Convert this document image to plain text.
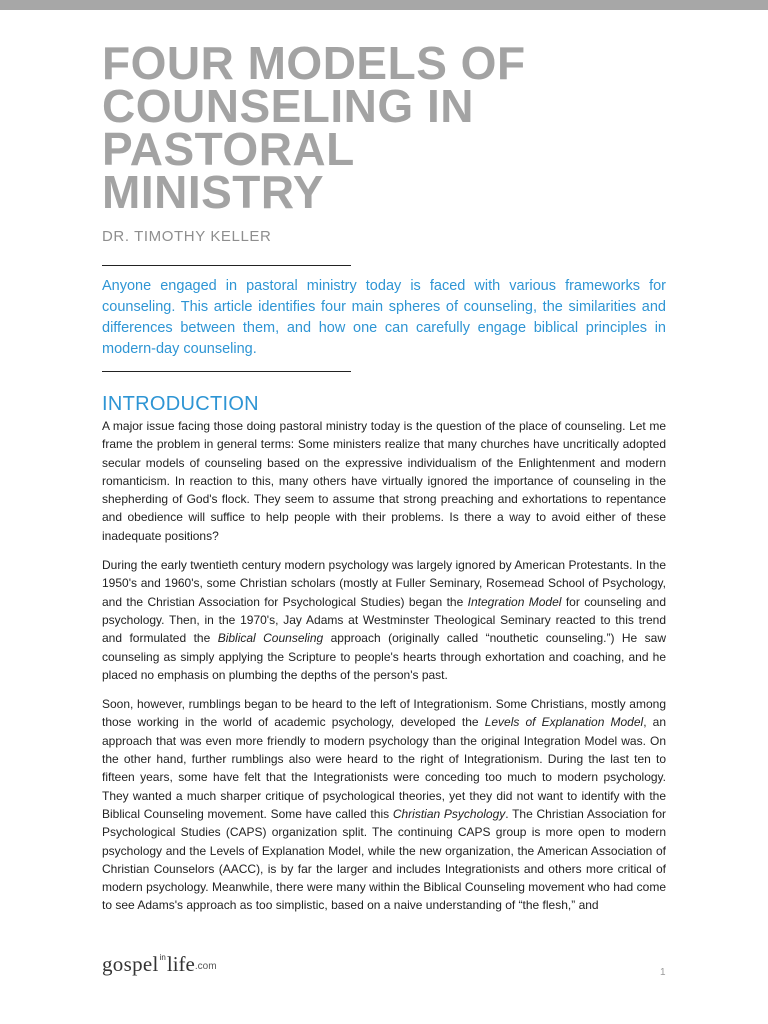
FOUR MODELS OF
COUNSELING IN
PASTORAL
MINISTRY
DR. TIMOTHY KELLER

Anyone engaged in pastoral ministry today is faced with various frameworks for counseling. This article identifies four main spheres of counseling, the similarities and differences between them, and how one can carefully engage biblical principles in modern-day counseling.

INTRODUCTION

A major issue facing those doing pastoral ministry today is the question of the place of counseling. Let me frame the problem in general terms: Some ministers realize that many churches have uncritically adopted secular models of counseling based on the expressive individualism of the Enlightenment and modern romanticism. In reaction to this, many others have virtually ignored the importance of counseling in the shepherding of God's flock. They seem to assume that strong preaching and exhortations to repentance and obedience will suffice to help people with their problems. Is there a way to avoid either of these inadequate positions?

During the early twentieth century modern psychology was largely ignored by American Protestants. In the 1950's and 1960's, some Christian scholars (mostly at Fuller Seminary, Rosemead School of Psychology, and the Christian Association for Psychological Studies) began the Integration Model for counseling and psychology. Then, in the 1970's, Jay Adams at Westminster Theological Seminary reacted to this trend and formulated the Biblical Counseling approach (originally called “nouthetic counseling.”) He saw counseling as simply applying the Scripture to people's hearts through exhortation and coaching, and he placed no emphasis on plumbing the depths of the person's past.

Soon, however, rumblings began to be heard to the left of Integrationism. Some Christians, mostly among those working in the world of academic psychology, developed the Levels of Explanation Model, an approach that was even more friendly to modern psychology than the original Integration Model was. On the other hand, further rumblings also were heard to the right of Integrationism. During the last ten to fifteen years, some have felt that the Integrationists were conceding too much to modern psychology. They wanted a much sharper critique of psychological theories, yet they did not want to identify with the Biblical Counseling movement. Some have called this Christian Psychology. The Christian Association for Psychological Studies (CAPS) organization split. The continuing CAPS group is more open to modern psychology and the Levels of Explanation Model, while the new organization, the American Association of Christian Counselors (AACC), is by far the larger and includes Integrationists and others more critical of modern psychology. Meanwhile, there were many within the Biblical Counseling movement who had come to see Adams's approach as too simplistic, based on a naive understanding of “the flesh,” and

gospel in life .com
1
